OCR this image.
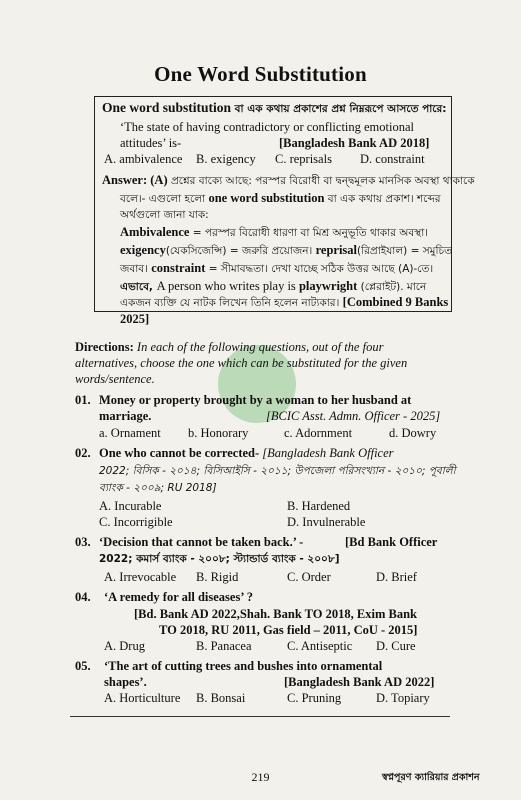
One Word Substitution
One word substitution বা এক কথায় প্রকাশের প্রশ্ন নিম্নরূপে আসতে পারে:
‘The state of having contradictory or conflicting emotional
attitudes’ is-	[Bangladesh Bank AD 2018]
A. ambivalence B. exigency C. reprisals D. constraint
Answer: (A) প্রশ্নের বাক্যে আছে: পরস্পর বিরোধী বা দ্বন্দ্বমূলক মানসিক অবস্থা থাকাকে
বলে।- এগুলো হলো one word substitution বা এক কথায় প্রকাশ। শব্দের
অর্থগুলো জানা যাক:
Ambivalence = পরস্পর বিরোধী ধারণা বা মিশ্র অনুভূতি থাকার অবস্থা।
exigency(যেকসিজেন্সি) = জরুরি প্রয়োজন। reprisal(রিপ্রাইযাল) = সমুচিত
জবাব। constraint = সীমাবদ্ধতা। দেখা যাচ্ছে সঠিক উত্তর আছে (A)-তে।
এভাবে, A person who writes play is playwright (প্লেরাইট). মানে
একজন ব্যক্তি যে নাটক লিখেন তিনি হলেন নাট্যকার। [Combined 9 Banks
2025]
Directions: In each of the following questions, out of the four
alternatives, choose the one which can be substituted for the given
words/sentence.
01. Money or property brought by a woman to her husband at
marriage.	[BCIC Asst. Admn. Officer - 2025]
a. Ornament b. Honorary	c. Adornment	d. Dowry
02. One who cannot be corrected- [Bangladesh Bank Officer
2022; বিসিক - ২০১৪; বিসিআইসি - ২০১১; উপজেলা পরিসংখ্যান - ২০১০; পূবালী
ব্যাংক - ২০০৯; RU 2018]
A. Incurable	B. Hardened
C. Incorrigible	D. Invulnerable
03. ‘Decision that cannot be taken back.’ -	[Bd Bank Officer
2022; কমার্স ব্যাংক - ২০০৮; স্ট্যান্ডার্ড ব্যাংক - ২০০৮]
A. Irrevocable B. Rigid	C. Order	D. Brief
04. ‘A remedy for all diseases’ ?
[Bd. Bank AD 2022,Shah. Bank TO 2018, Exim Bank
TO 2018, RU 2011, Gas field – 2011, CoU - 2015]
A. Drug	B. Panacea	C. Antiseptic D. Cure
05. ‘The art of cutting trees and bushes into ornamental
shapes’.	[Bangladesh Bank AD 2022]
A. Horticulture B. Bonsai	C. Pruning	D. Topiary
219	স্বপ্নপূরণ ক্যারিয়ার প্রকাশন
